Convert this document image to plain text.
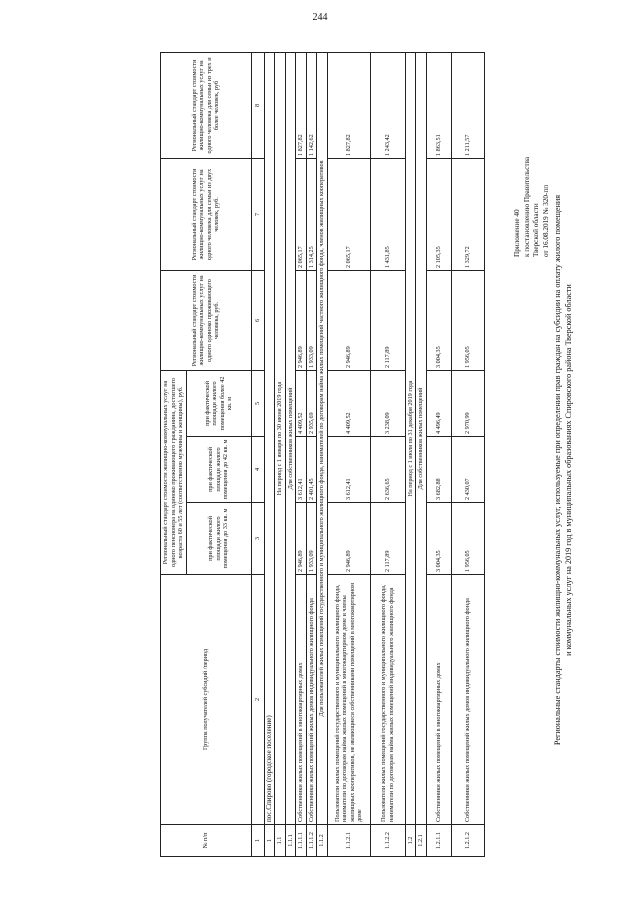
244
Приложение 40 к постановлению Правительства Тверской области от 16.08.2019 № 320-пп Региональные стандарты стоимости жилищно-коммунальных услуг, используемые при определении прав граждан на субсидии на оплату жилого помещения и коммунальных услуг на 2019 год в муниципальных образованиях Спировского района Тверской области
№ п/п	Группа получателей субсидий /период	Региональный стандарт стоимости жилищно-коммунальных услуг на одного пенсионера на одиноко проживающего гражданина, достигшего возраста 60 и 55 лет (соответственно мужчины и женщины), руб.			Региональный стандарт стоимости жилищно-коммунальных услуг на одного одиноко проживающего человека, руб.	Региональный стандарт стоимости жилищно-коммунальных услуг на одного человека для семьи из двух человек, руб.	Региональный стандарт стоимости жилищно-коммунальных услуг на одного человека для семьи из трех и более человек, руб
		при фактической площади жилого помещения до 33 кв. м	при фактической площади жилого помещения до 42 кв. м	при фактической площади жилого помещения более 42 кв. м			
1	2	3	4	5	6	7	8
1	пос.Спирово (городское поселение)						
1.1	На период с 1 января по 30 июня 2019 года						
1.1.1	Для собственников жилых помещений						
1.1.1.1	Собственники жилых помещений в многоквартирных домах	2 946,89	3 612,41	4 409,52	2 946,89	2 065,17	1 827,82
1.1.1.2	Собственники жилых помещений жилых домов индивидуального жилищного фонда	1 933,09	2 401,45	2 935,69	1 933,09	1 314,25	1 142,62
1.1.2	Для пользователей жилых помещений государственного и муниципального жилищного фонда, нанимателей по договорам найма жилых помещений частного жилищного фонда, членов жилищных кооперативов						
1.1.2.1	Пользователи жилых помещений государственного и муниципального жилищного фонда, наниматели по договорам найма жилых помещений в многоквартирном доме и члены жилищных кооперативов, не являющиеся собственниками помещений в многоквартирном доме	2 946,89	3 612,41	4 409,52	2 946,89	2 065,17	1 827,82
1.1.2.2	Пользователи жилых помещений государственного и муниципального жилищного фонда, наниматели по договорам найма жилых помещений индивидуального жилищного фонда	2 117,89	2 636,65	3 238,09	2 117,89	1 431,85	1 243,42
1.2	На период с 1 июля по 31 декабря 2019 года						
1.2.1	Для собственников жилых помещений						
1.2.1.1	Собственники жилых помещений в многоквартирных домах	3 004,35	3 682,88	4 496,49	3 004,35	2 105,35	1 863,51
1.2.1.2	Собственники жилых помещений жилых домов индивидуального жилищного фонда	1 956,05	2 430,07	2 970,99	1 956,05	1 329,72	1 211,57
